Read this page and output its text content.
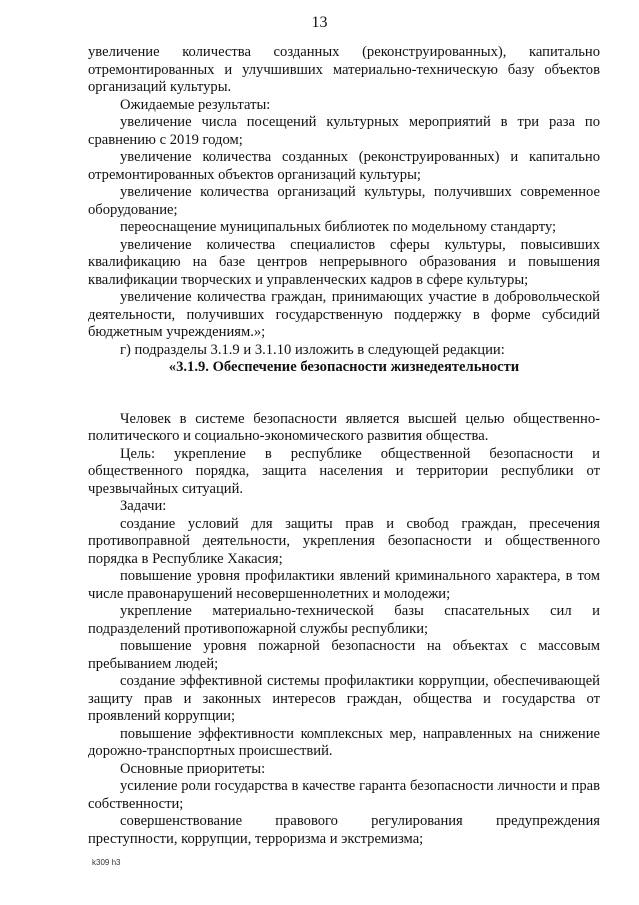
13

увеличение количества созданных (реконструированных), капитально отремонтированных и улучшивших материально-техническую базу объектов организаций культуры.

Ожидаемые результаты:

увеличение числа посещений культурных мероприятий в три раза по сравнению с 2019 годом;

увеличение количества созданных (реконструированных) и капитально отремонтированных объектов организаций культуры;

увеличение количества организаций культуры, получивших современное оборудование;

переоснащение муниципальных библиотек по модельному стандарту;

увеличение количества специалистов сферы культуры, повысивших квалификацию на базе центров непрерывного образования и повышения квалификации творческих и управленческих кадров в сфере культуры;

увеличение количества граждан, принимающих участие в добровольческой деятельности, получивших государственную поддержку в форме субсидий бюджетным учреждениям.»;

г) подразделы 3.1.9 и 3.1.10 изложить в следующей редакции:

«3.1.9. Обеспечение безопасности жизнедеятельности

Человек в системе безопасности является высшей целью общественно-политического и социально-экономического развития общества.

Цель: укрепление в республике общественной безопасности и общественного порядка, защита населения и территории республики от чрезвычайных ситуаций.

Задачи:

создание условий для защиты прав и свобод граждан, пресечения противоправной деятельности, укрепления безопасности и общественного порядка в Республике Хакасия;

повышение уровня профилактики явлений криминального характера, в том числе правонарушений несовершеннолетних и молодежи;

укрепление материально-технической базы спасательных сил и подразделений противопожарной службы республики;

повышение уровня пожарной безопасности на объектах с массовым пребыванием людей;

создание эффективной системы профилактики коррупции, обеспечивающей защиту прав и законных интересов граждан, общества и государства от проявлений коррупции;

повышение эффективности комплексных мер, направленных на снижение дорожно-транспортных происшествий.

Основные приоритеты:

усиление роли государства в качестве гаранта безопасности личности и прав собственности;

совершенствование правового регулирования предупреждения преступности, коррупции, терроризма и экстремизма;

k309 h3
